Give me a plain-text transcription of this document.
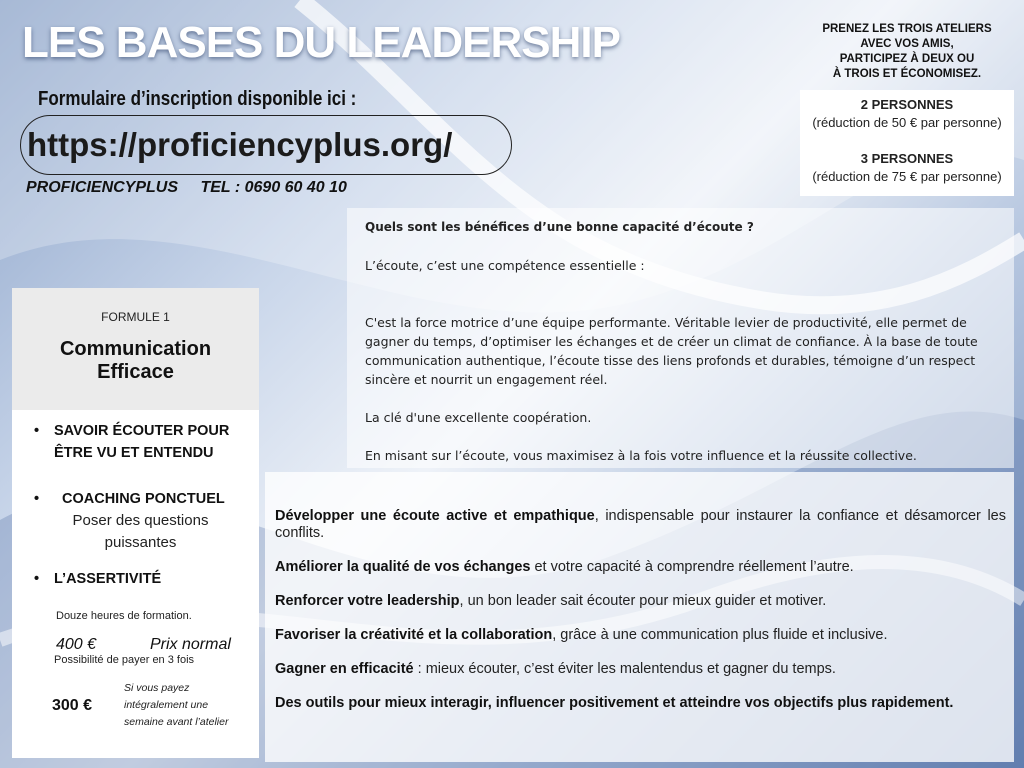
LES BASES DU LEADERSHIP
Formulaire d’inscription disponible ici :
https://proficiencyplus.org/
PROFICIENCYPLUS TEL : 0690 60 40 10
PRENEZ LES TROIS ATELIERS
AVEC VOS AMIS,
PARTICIPEZ À DEUX OU
À TROIS ET ÉCONOMISEZ.
2 PERSONNES
(réduction de 50 € par personne)
3 PERSONNES
(réduction de 75 € par personne)

Quels sont les bénéfices d’une bonne capacité d’écoute ?

L’écoute, c’est une compétence essentielle :

C'est la force motrice d’une équipe performante. Véritable levier de productivité, elle permet de gagner du temps, d’optimiser les échanges et de créer un climat de confiance. À la base de toute communication authentique, l’écoute tisse des liens profonds et durables, témoigne d’un respect sincère et nourrit un engagement réel.

La clé d'une excellente coopération.

En misant sur l’écoute, vous maximisez à la fois votre influence et la réussite collective.

FORMULE 1
Communication
Efficace
• SAVOIR ÉCOUTER POUR ÊTRE VU ET ENTENDU
• COACHING PONCTUEL
Poser des questions puissantes
• L’ASSERTIVITÉ
Douze heures de formation.
400 €	Prix normal
Possibilité de payer en 3 fois
300 €
Si vous payez intégralement une semaine avant l’atelier
Développer une écoute active et empathique, indispensable pour instaurer la confiance et désamorcer les conflits.
Améliorer la qualité de vos échanges et votre capacité à comprendre réellement l’autre.
Renforcer votre leadership, un bon leader sait écouter pour mieux guider et motiver.
Favoriser la créativité et la collaboration, grâce à une communication plus fluide et inclusive.
Gagner en efficacité : mieux écouter, c’est éviter les malentendus et gagner du temps.
Des outils pour mieux interagir, influencer positivement et atteindre vos objectifs plus rapidement.
